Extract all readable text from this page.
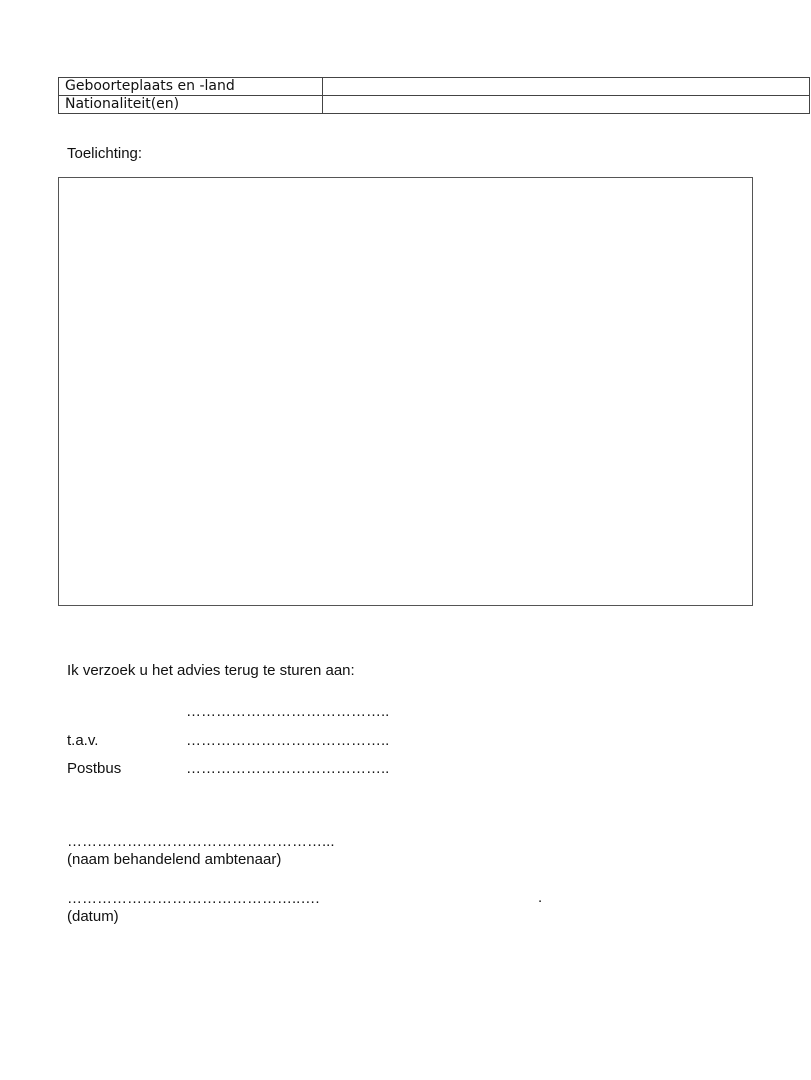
Geboorteplaats en -land	
Nationaliteit(en)	
Toelichting:
Ik verzoek u het advies terug te sturen aan:
…………………………………..
t.a.v.	…………………………………..
Postbus	…………………………………..
……………………………………………...
(naam behandelend ambtenaar)
………………………………………..….
(datum)
.
